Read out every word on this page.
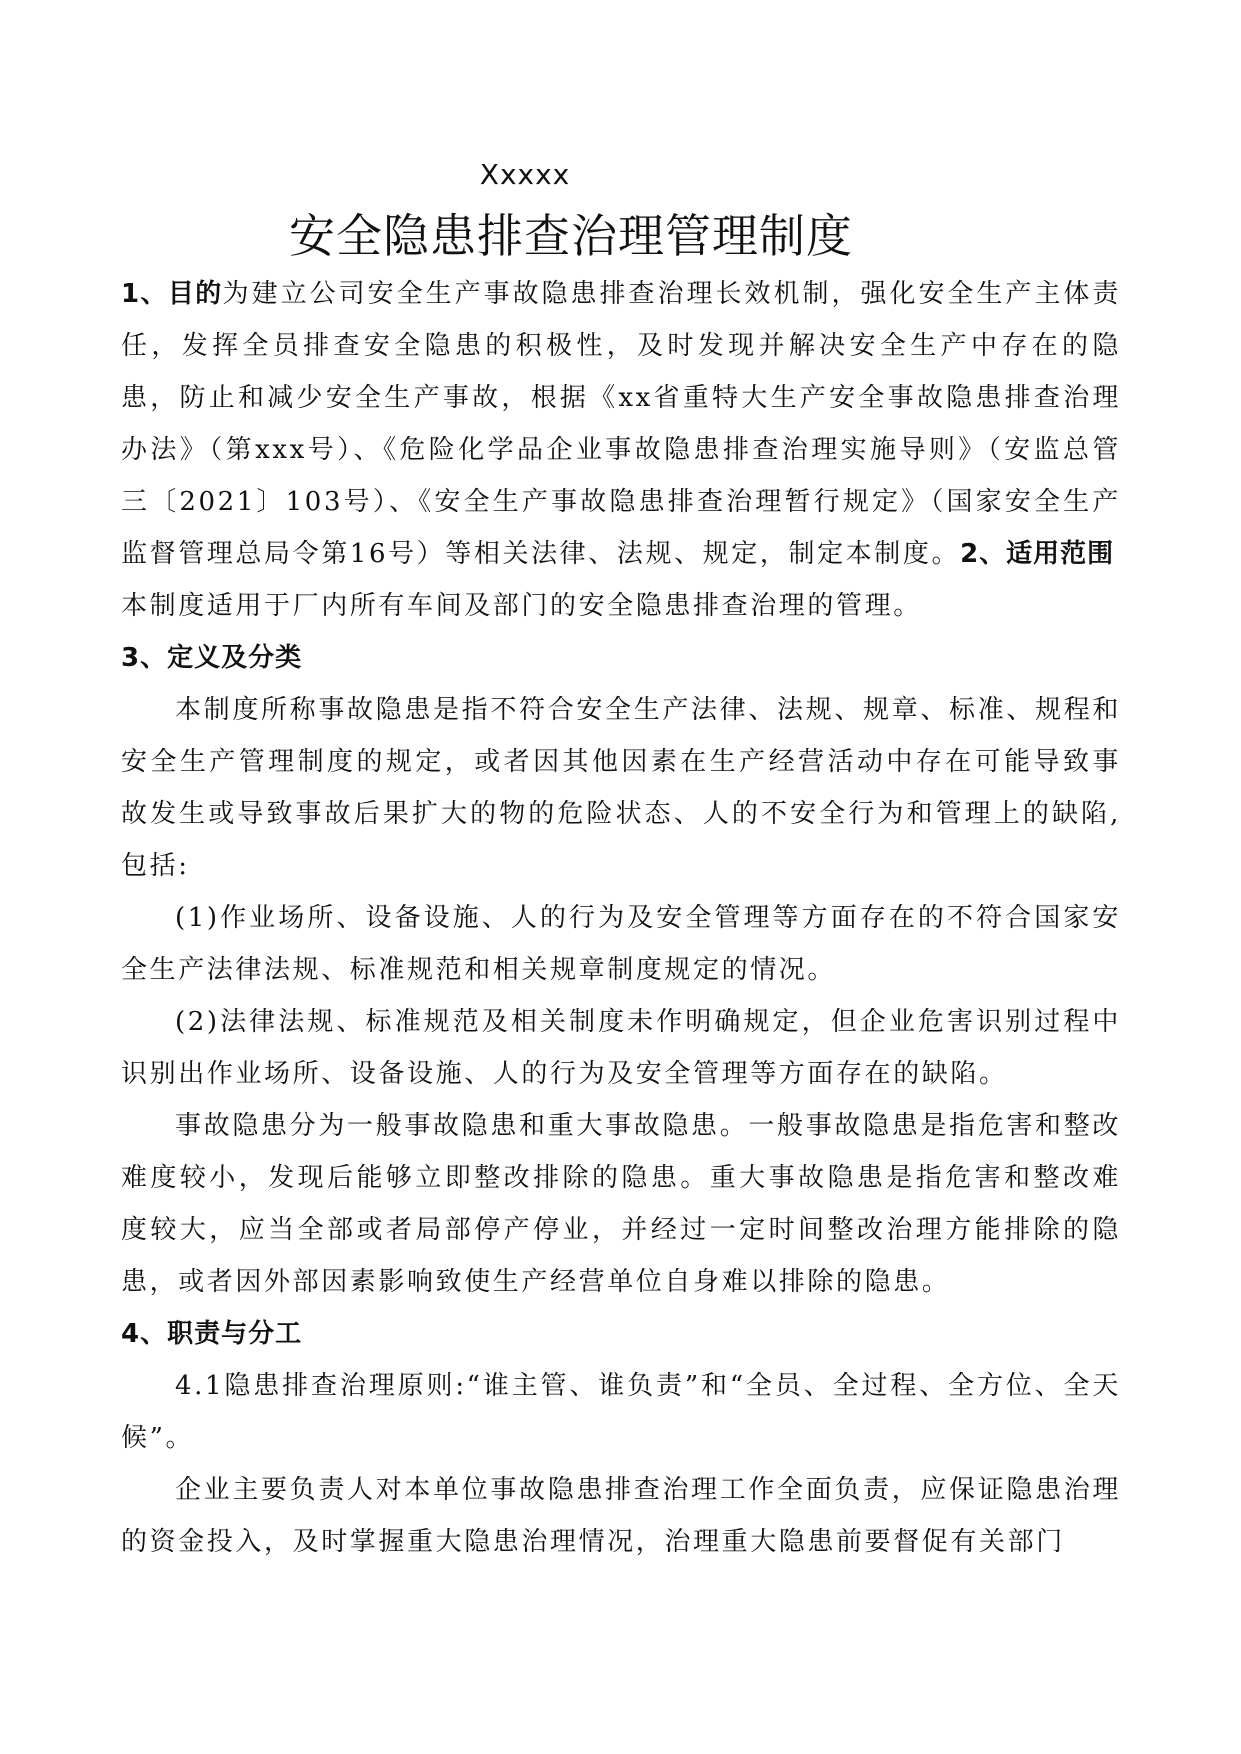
Xxxxx
安全隐患排查治理管理制度

1、目的为建立公司安全生产事故隐患排查治理长效机制，强化安全生产主体责任，发挥全员排查安全隐患的积极性，及时发现并解决安全生产中存在的隐患，防止和减少安全生产事故，根据《xx省重特大生产安全事故隐患排查治理办法》（第xxx号）、《危险化学品企业事故隐患排查治理实施导则》（安监总管三〔2021〕103号）、《安全生产事故隐患排查治理暂行规定》（国家安全生产监督管理总局令第16号）等相关法律、法规、规定，制定本制度。2、适用范围

本制度适用于厂内所有车间及部门的安全隐患排查治理的管理。

3、定义及分类

本制度所称事故隐患是指不符合安全生产法律、法规、规章、标准、规程和安全生产管理制度的规定，或者因其他因素在生产经营活动中存在可能导致事故发生或导致事故后果扩大的物的危险状态、人的不安全行为和管理上的缺陷,包括:

(1)作业场所、设备设施、人的行为及安全管理等方面存在的不符合国家安全生产法律法规、标准规范和相关规章制度规定的情况。

(2)法律法规、标准规范及相关制度未作明确规定，但企业危害识别过程中识别出作业场所、设备设施、人的行为及安全管理等方面存在的缺陷。

事故隐患分为一般事故隐患和重大事故隐患。一般事故隐患是指危害和整改难度较小，发现后能够立即整改排除的隐患。重大事故隐患是指危害和整改难度较大，应当全部或者局部停产停业，并经过一定时间整改治理方能排除的隐患，或者因外部因素影响致使生产经营单位自身难以排除的隐患。

4、职责与分工

4.1隐患排查治理原则:“谁主管、谁负责”和“全员、全过程、全方位、全天候”。

企业主要负责人对本单位事故隐患排查治理工作全面负责，应保证隐患治理的资金投入，及时掌握重大隐患治理情况，治理重大隐患前要督促有关部门
